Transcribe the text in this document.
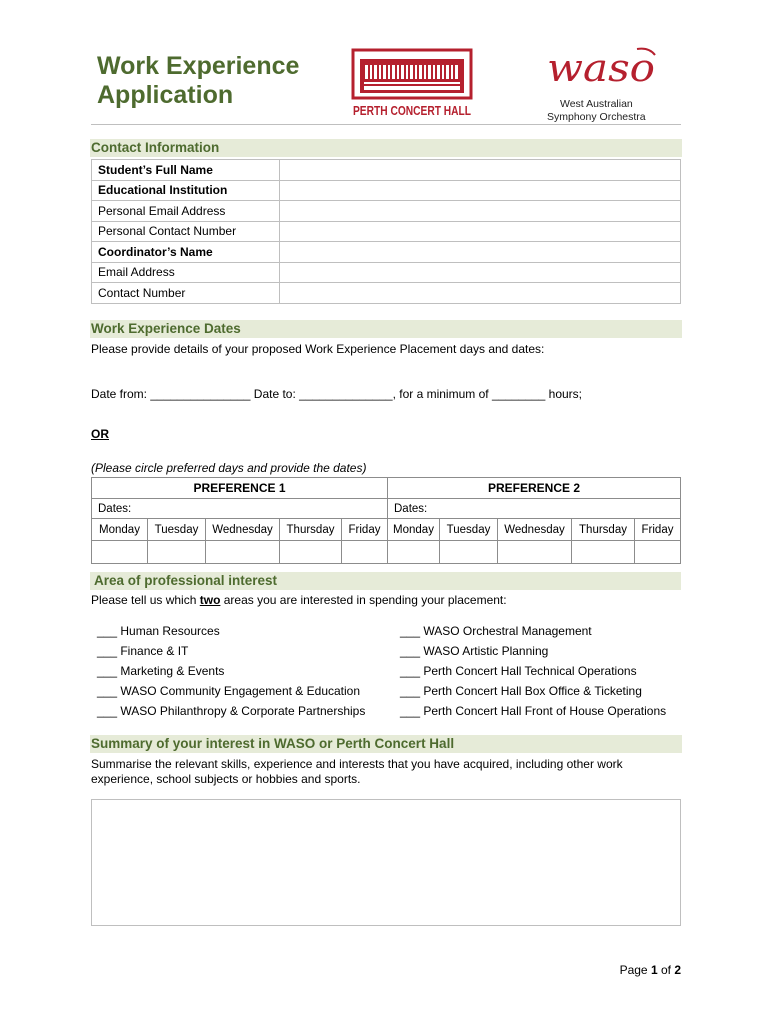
Work Experience
Application
PERTH CONCERT HALL
waso
West Australian
Symphony Orchestra
Contact Information
Student’s Full Name	
Educational Institution	
Personal Email Address	
Personal Contact Number	
Coordinator’s Name	
Email Address	
Contact Number	
Work Experience Dates
Please provide details of your proposed Work Experience Placement days and dates:
Date from: _______________ Date to: ______________, for a minimum of ________ hours;
OR
(Please circle preferred days and provide the dates)
PREFERENCE 1					PREFERENCE 2				
Dates:					Dates:				
Monday	Tuesday	Wednesday	Thursday	Friday	Monday	Tuesday	Wednesday	Thursday	Friday

Area of professional interest
Please tell us which two areas you are interested in spending your placement:
___ Human Resources
___ Finance & IT
___ Marketing & Events
___ WASO Community Engagement & Education
___ WASO Philanthropy & Corporate Partnerships
___ WASO Orchestral Management
___ WASO Artistic Planning
___ Perth Concert Hall Technical Operations
___ Perth Concert Hall Box Office & Ticketing
___ Perth Concert Hall Front of House Operations
Summary of your interest in WASO or Perth Concert Hall
Summarise the relevant skills, experience and interests that you have acquired, including other work
experience, school subjects or hobbies and sports.
Page 1 of 2
